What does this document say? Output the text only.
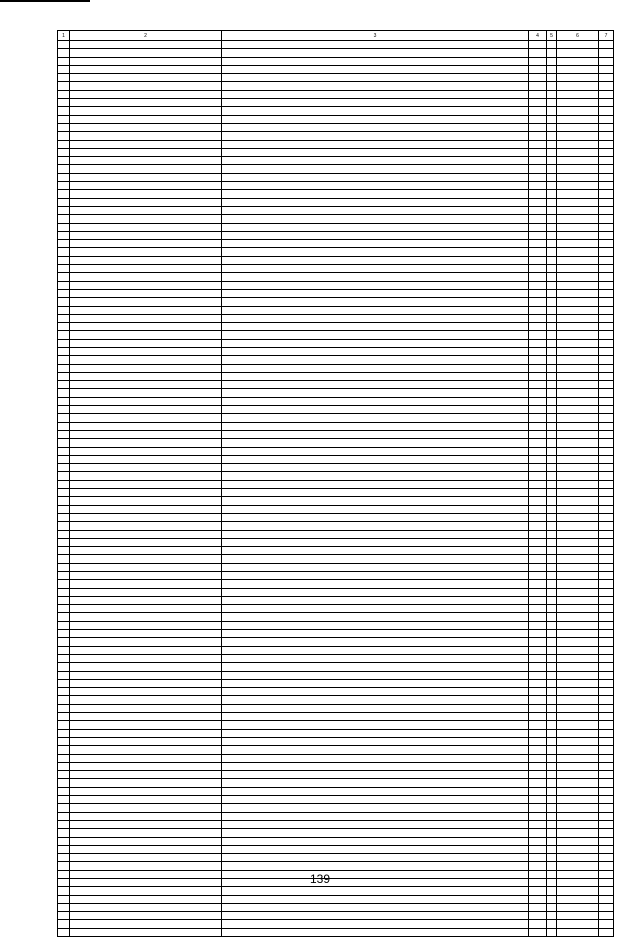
1	2	3	4	5	6	7

139
